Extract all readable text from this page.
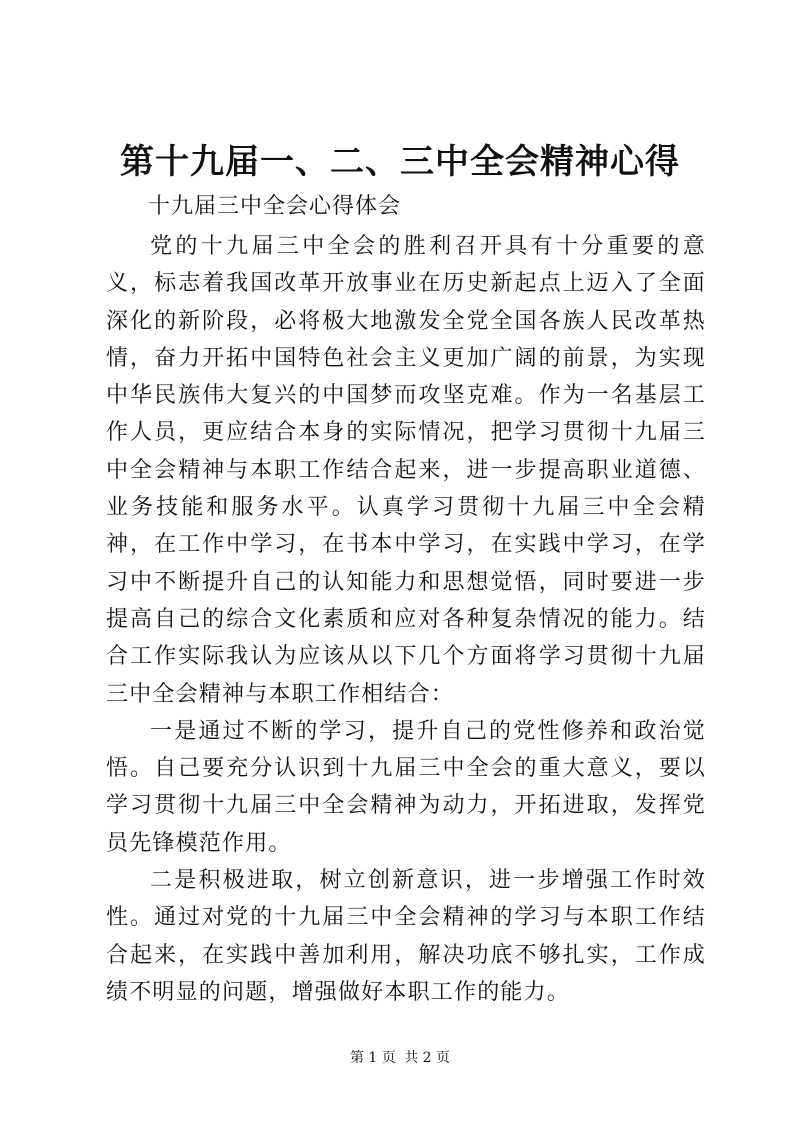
第十九届一、二、三中全会精神心得
十九届三中全会心得体会

党的十九届三中全会的胜利召开具有十分重要的意义，标志着我国改革开放事业在历史新起点上迈入了全面深化的新阶段，必将极大地激发全党全国各族人民改革热情，奋力开拓中国特色社会主义更加广阔的前景，为实现中华民族伟大复兴的中国梦而攻坚克难。作为一名基层工作人员，更应结合本身的实际情况，把学习贯彻十九届三中全会精神与本职工作结合起来，进一步提高职业道德、业务技能和服务水平。认真学习贯彻十九届三中全会精神，在工作中学习，在书本中学习，在实践中学习，在学习中不断提升自己的认知能力和思想觉悟，同时要进一步提高自己的综合文化素质和应对各种复杂情况的能力。结合工作实际我认为应该从以下几个方面将学习贯彻十九届三中全会精神与本职工作相结合：

一是通过不断的学习，提升自己的党性修养和政治觉悟。自己要充分认识到十九届三中全会的重大意义，要以学习贯彻十九届三中全会精神为动力，开拓进取，发挥党员先锋模范作用。

二是积极进取，树立创新意识，进一步增强工作时效性。通过对党的十九届三中全会精神的学习与本职工作结合起来，在实践中善加利用，解决功底不够扎实，工作成绩不明显的问题，增强做好本职工作的能力。

第 1 页 共 2 页
